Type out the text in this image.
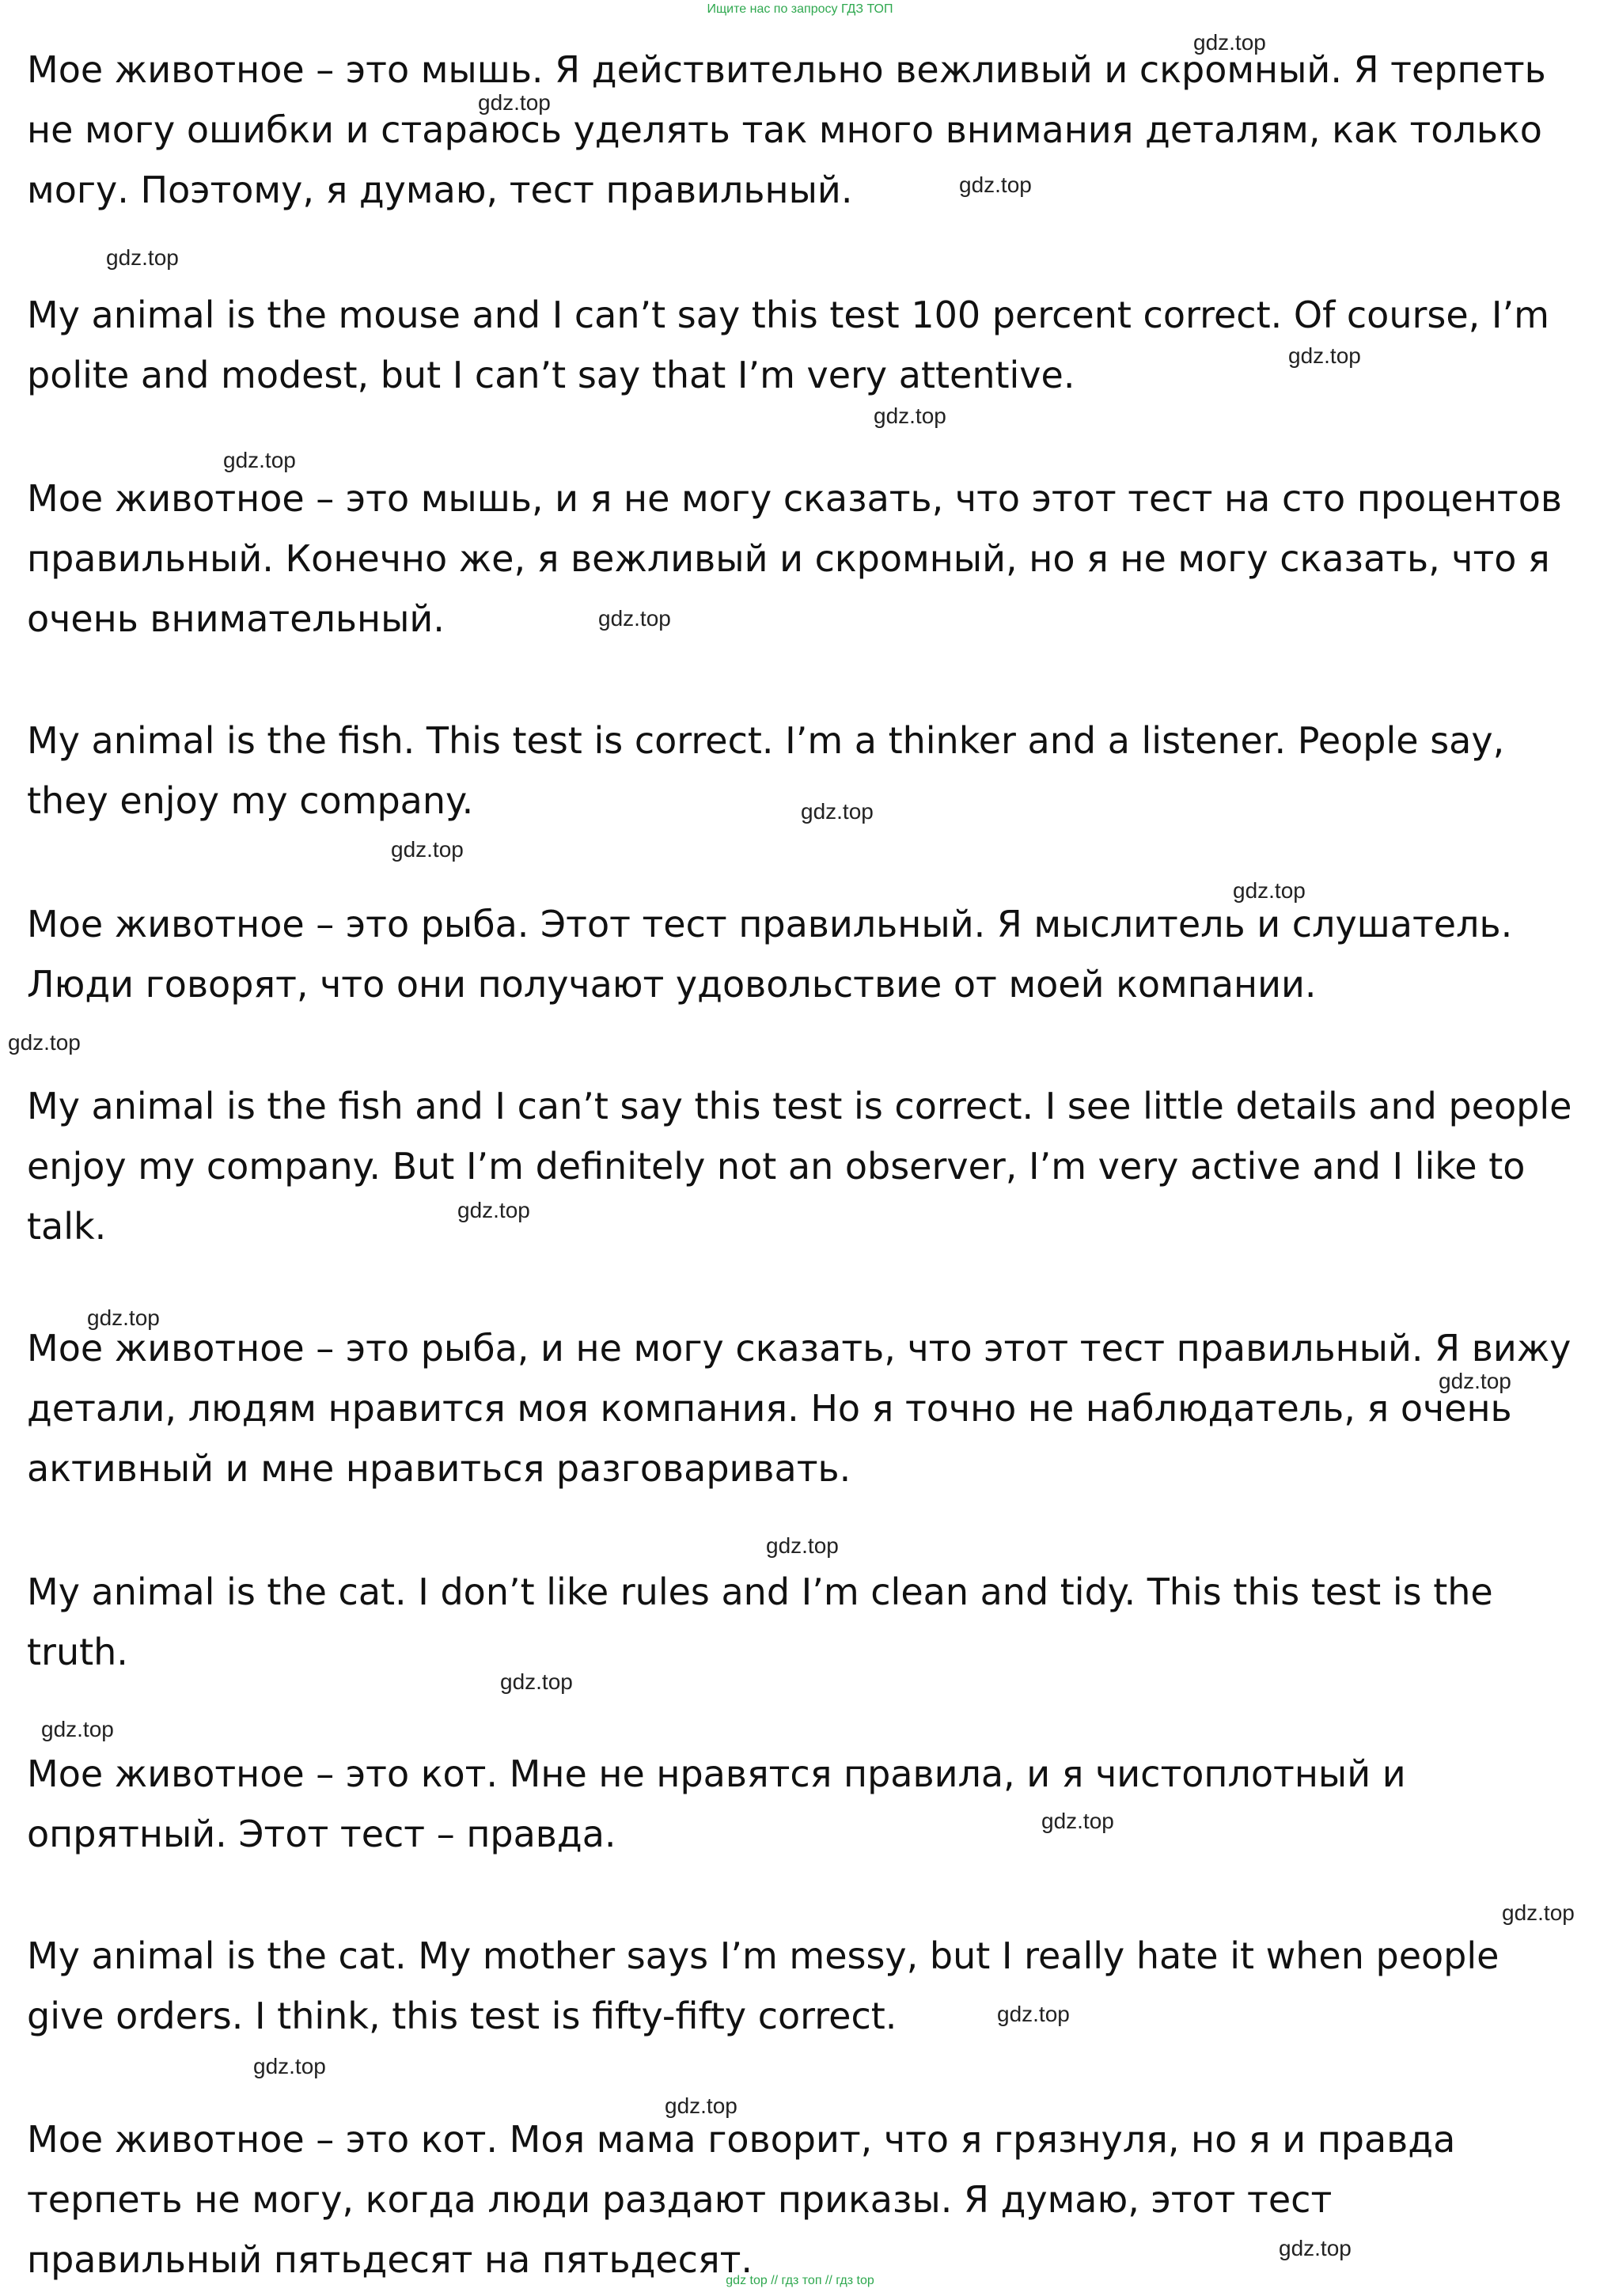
Ищите нас по запросу ГДЗ ТОП

Мое животное – это мышь. Я действительно вежливый и скромный. Я терпеть не могу ошибки и стараюсь уделять так много внимания деталям, как только могу. Поэтому, я думаю, тест правильный.

My animal is the mouse and I can’t say this test 100 percent correct. Of course, I’m polite and modest, but I can’t say that I’m very attentive.

Мое животное – это мышь, и я не могу сказать, что этот тест на сто процентов правильный. Конечно же, я вежливый и скромный, но я не могу сказать, что я очень внимательный.

My animal is the fish. This test is correct. I’m a thinker and a listener. People say, they enjoy my company.

Мое животное – это рыба. Этот тест правильный. Я мыслитель и слушатель. Люди говорят, что они получают удовольствие от моей компании.

My animal is the fish and I can’t say this test is correct. I see little details and people enjoy my company. But I’m definitely not an observer, I’m very active and I like to talk.

Мое животное – это рыба, и не могу сказать, что этот тест правильный. Я вижу детали, людям нравится моя компания. Но я точно не наблюдатель, я очень активный и мне нравиться разговаривать.

My animal is the cat. I don’t like rules and I’m clean and tidy. This this test is the truth.

Мое животное – это кот. Мне не нравятся правила, и я чистоплотный и опрятный. Этот тест – правда.

My animal is the cat. My mother says I’m messy, but I really hate it when people give orders. I think, this test is fifty-fifty correct.

Мое животное – это кот. Моя мама говорит, что я грязнуля, но я и правда терпеть не могу, когда люди раздают приказы. Я думаю, этот тест правильный пятьдесят на пятьдесят.

gdz.top
gdz.top
gdz.top
gdz.top
gdz.top
gdz.top
gdz.top
gdz.top
gdz.top
gdz.top
gdz.top
gdz.top
gdz.top
gdz.top
gdz.top
gdz.top
gdz.top
gdz.top
gdz.top
gdz.top
gdz.top
gdz.top
gdz.top
gdz.top
gdz top // гдз топ // гдз top
